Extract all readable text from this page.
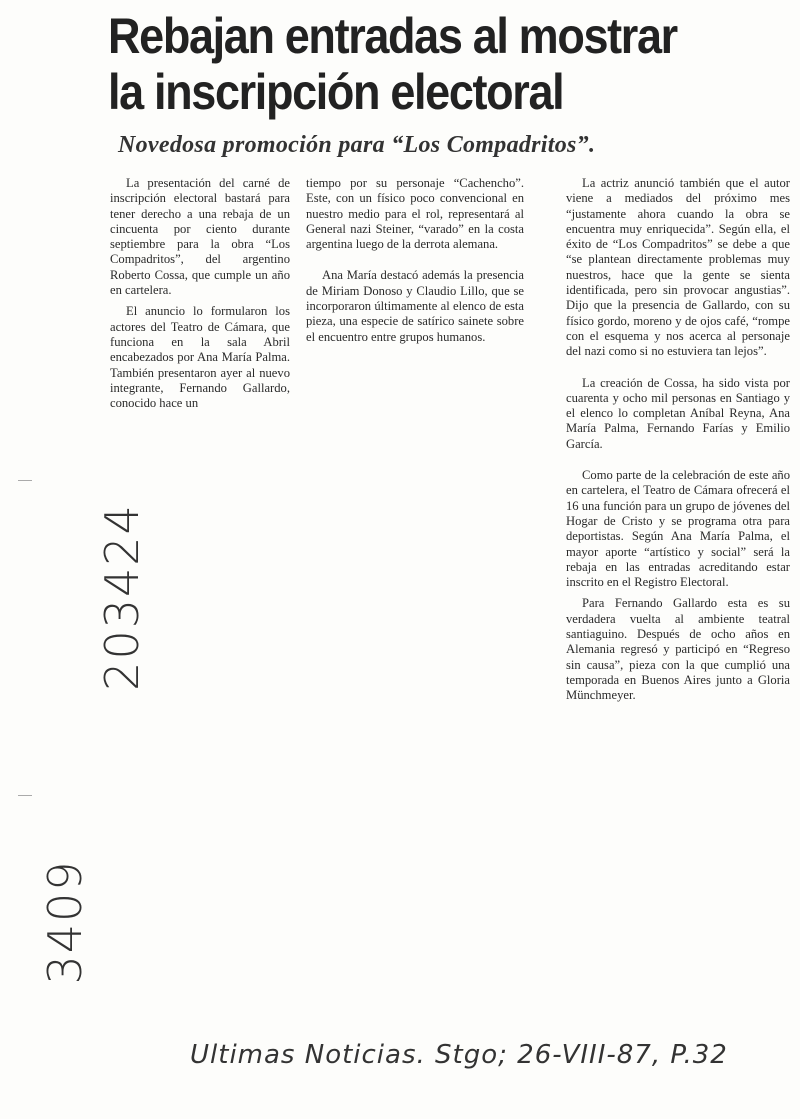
Rebajan entradas al mostrar la inscripción electoral
Novedosa promoción para “Los Compadritos”.

La presentación del carné de inscripción electoral bastará para tener derecho a una rebaja de un cincuenta por ciento durante septiembre para la obra “Los Compadritos”, del argentino Roberto Cossa, que cumple un año en cartelera.

El anuncio lo formularon los actores del Teatro de Cámara, que funciona en la sala Abril encabezados por Ana María Palma. También presentaron ayer al nuevo integrante, Fernando Gallardo, conocido hace un

tiempo por su personaje “Cachencho”. Este, con un físico poco convencional en nuestro medio para el rol, representará al General nazi Steiner, “varado” en la costa argentina luego de la derrota alemana.

Ana María destacó además la presencia de Miriam Donoso y Claudio Lillo, que se incorporaron últimamente al elenco de esta pieza, una especie de satírico sainete sobre el encuentro entre grupos humanos.

La actriz anunció también que el autor viene a mediados del próximo mes “justamente ahora cuando la obra se encuentra muy enriquecida”. Según ella, el éxito de “Los Compadritos” se debe a que “se plantean directamente problemas muy nuestros, hace que la gente se sienta identificada, pero sin provocar angustias”. Dijo que la presencia de Gallardo, con su físico gordo, moreno y de ojos café, “rompe con el esquema y nos acerca al personaje del nazi como si no estuviera tan lejos”.

La creación de Cossa, ha sido vista por cuarenta y ocho mil personas en Santiago y el elenco lo completan Aníbal Reyna, Ana María Palma, Fernando Farías y Emilio García.

Como parte de la celebración de este año en cartelera, el Teatro de Cámara ofrecerá el 16 una función para un grupo de jóvenes del Hogar de Cristo y se programa otra para deportistas. Según Ana María Palma, el mayor aporte “artístico y social” será la rebaja en las entradas acreditando estar inscrito en el Registro Electoral.

Para Fernando Gallardo esta es su verdadera vuelta al ambiente teatral santiaguino. Después de ocho años en Alemania regresó y participó en “Regreso sin causa”, pieza con la que cumplió una temporada en Buenos Aires junto a Gloria Münchmeyer.

203424
3409
Ultimas Noticias. Stgo; 26-VIII-87, P.32
